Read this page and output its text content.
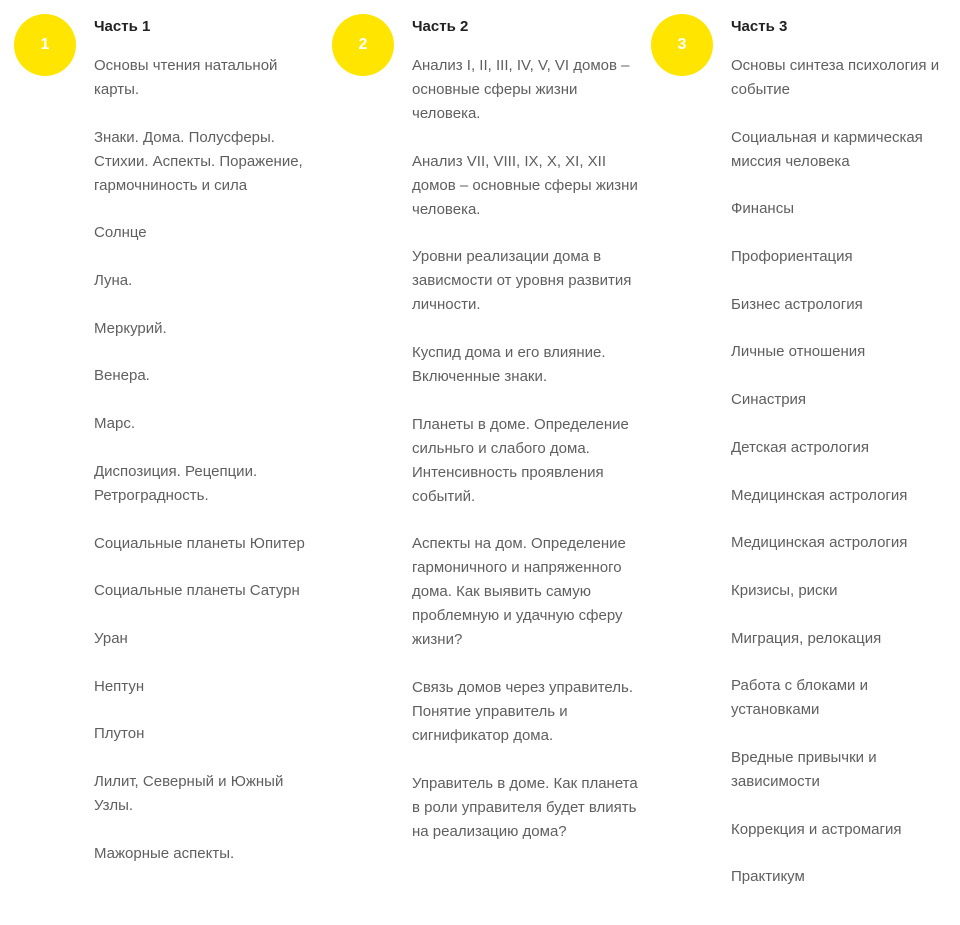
1
Часть 1
Основы чтения натальной карты.
Знаки. Дома. Полусферы. Стихии. Аспекты. Поражение, гармочниность и сила
Солнце
Луна.
Меркурий.
Венера.
Марс.
Диспозиция. Рецепции. Ретроградность.
Социальные планеты Юпитер
Социальные планеты Сатурн
Уран
Нептун
Плутон
Лилит, Северный и Южный Узлы.
Мажорные аспекты.
2
Часть 2
Анализ I, II, III, IV, V, VI домов – основные сферы жизни человека.
Анализ VII, VIII, IX, X, XI, XII домов – основные сферы жизни человека.
Уровни реализации дома в зависмости от уровня развития личности.
Куспид дома и его влияние. Включенные знаки.
Планеты в доме. Определение сильньго и слабого дома. Интенсивность проявления событий.
Аспекты на дом. Определение гармоничного и напряженного дома. Как выявить самую проблемную и удачную сферу жизни?
Связь домов через управитель. Понятие управитель и сигнификатор дома.
Управитель в доме. Как планета в роли управителя будет влиять на реализацию дома?
3
Часть 3
Основы синтеза психология и событие
Социальная и кармическая миссия человека
Финансы
Профориентация
Бизнес астрология
Личные отношения
Синастрия
Детская астрология
Медицинская астрология
Медицинская астрология
Кризисы, риски
Миграция, релокация
Работа с блоками и установками
Вредные привычки и зависимости
Коррекция и астромагия
Практикум
